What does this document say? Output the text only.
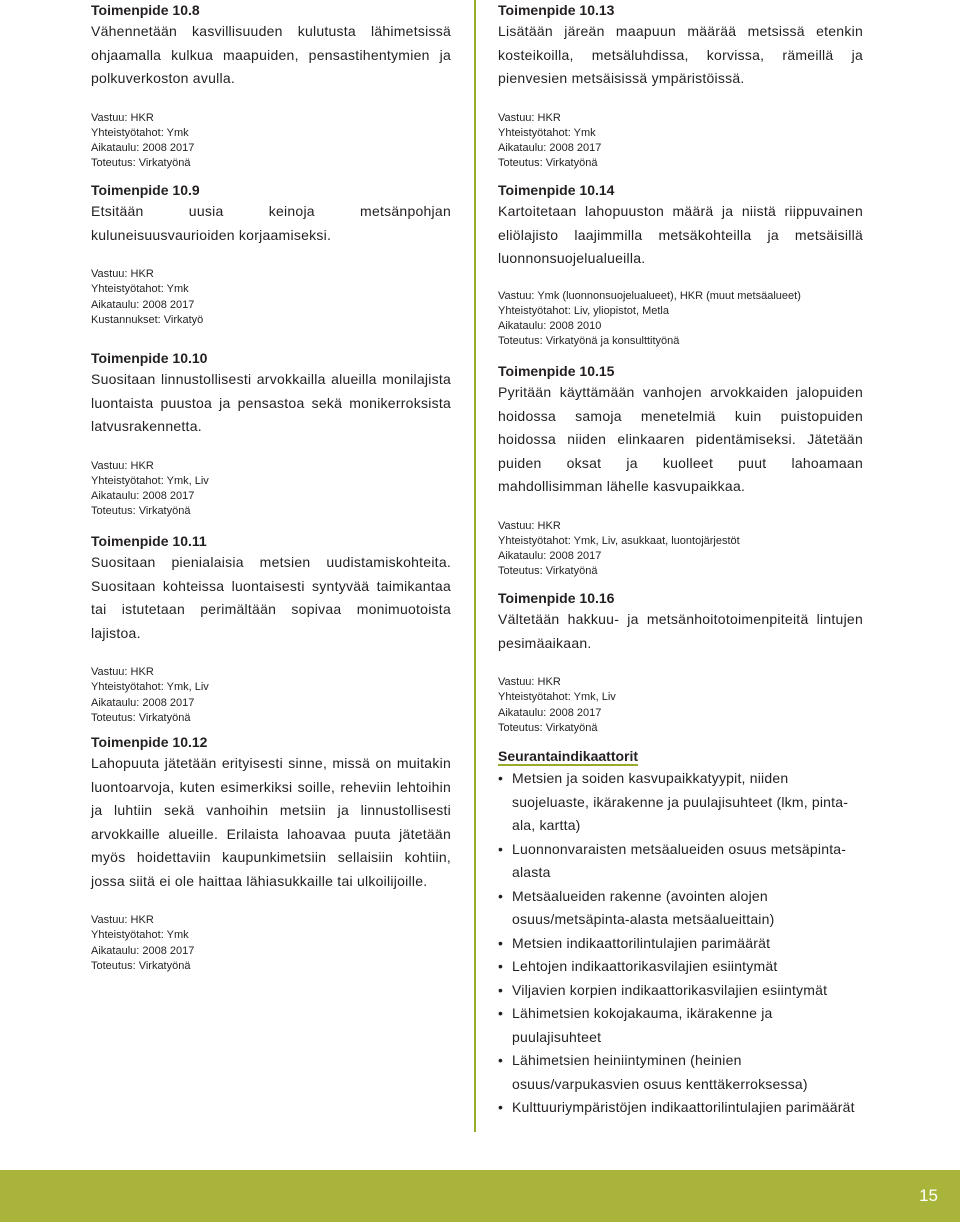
Toimenpide 10.8

Vähennetään kasvillisuuden kulutusta lähimetsissä ohjaamalla kulkua maapuiden, pensastihentymien ja polkuverkoston avulla.

Vastuu: HKR

Yhteistyötahot: Ymk

Aikataulu: 2008 2017

Toteutus: Virkatyönä

Toimenpide 10.9

Etsitään uusia keinoja metsänpohjan kuluneisuusvaurioiden korjaamiseksi.

Vastuu: HKR

Yhteistyötahot: Ymk

Aikataulu: 2008 2017

Kustannukset: Virkatyö

Toimenpide 10.10

Suositaan linnustollisesti arvokkailla alueilla monilajista luontaista puustoa ja pensastoa sekä monikerroksista latvusrakennetta.

Vastuu: HKR

Yhteistyötahot: Ymk, Liv

Aikataulu: 2008 2017

Toteutus: Virkatyönä

Toimenpide 10.11

Suositaan pienialaisia metsien uudistamiskohteita. Suositaan kohteissa luontaisesti syntyvää taimikantaa tai istutetaan perimältään sopivaa monimuotoista lajistoa.

Vastuu: HKR

Yhteistyötahot: Ymk, Liv

Aikataulu: 2008 2017

Toteutus: Virkatyönä

Toimenpide 10.12

Lahopuuta jätetään erityisesti sinne, missä on muitakin luontoarvoja, kuten esimerkiksi soille, reheviin lehtoihin ja luhtiin sekä vanhoihin metsiin ja linnustollisesti arvokkaille alueille. Erilaista lahoavaa puuta jätetään myös hoidettaviin kaupunkimetsiin sellaisiin kohtiin, jossa siitä ei ole haittaa lähiasukkaille tai ulkoilijoille.

Vastuu: HKR

Yhteistyötahot: Ymk

Aikataulu: 2008 2017

Toteutus: Virkatyönä

Toimenpide 10.13

Lisätään järeän maapuun määrää metsissä etenkin kosteikoilla, metsäluhdissa, korvissa, rämeillä ja pienvesien metsäisissä ympäristöissä.

Vastuu: HKR

Yhteistyötahot: Ymk

Aikataulu: 2008 2017

Toteutus: Virkatyönä

Toimenpide 10.14

Kartoitetaan lahopuuston määrä ja niistä riippuvainen eliölajisto laajimmilla metsäkohteilla ja metsäisillä luonnonsuojelualueilla.

Vastuu: Ymk (luonnonsuojelualueet), HKR (muut metsäalueet)

Yhteistyötahot: Liv, yliopistot, Metla

Aikataulu: 2008 2010

Toteutus: Virkatyönä ja konsulttityönä

Toimenpide 10.15

Pyritään käyttämään vanhojen arvokkaiden jalopuiden hoidossa samoja menetelmiä kuin puistopuiden hoidossa niiden elinkaaren pidentämiseksi. Jätetään puiden oksat ja kuolleet puut lahoamaan mahdollisimman lähelle kasvupaikkaa.

Vastuu: HKR

Yhteistyötahot: Ymk, Liv, asukkaat, luontojärjestöt

Aikataulu: 2008 2017

Toteutus: Virkatyönä

Toimenpide 10.16

Vältetään hakkuu- ja metsänhoitotoimenpiteitä lintujen pesimäaikaan.

Vastuu: HKR

Yhteistyötahot: Ymk, Liv

Aikataulu: 2008 2017

Toteutus: Virkatyönä

Seurantaindikaattorit

• Metsien ja soiden kasvupaikkatyypit, niiden suojeluaste, ikärakenne ja puulajisuhteet (lkm, pinta-ala, kartta)
• Luonnonvaraisten metsäalueiden osuus metsäpinta-alasta
• Metsäalueiden rakenne (avointen alojen osuus/metsäpinta-alasta metsäalueittain)
• Metsien indikaattorilintulajien parimäärät
• Lehtojen indikaattorikasvilajien esiintymät
• Viljavien korpien indikaattorikasvilajien esiintymät
• Lähimetsien kokojakauma, ikärakenne ja puulajisuhteet
• Lähimetsien heiniintyminen (heinien osuus/varpukasvien osuus kenttäkerroksessa)
• Kulttuuriympäristöjen indikaattorilintulajien parimäärät
15
